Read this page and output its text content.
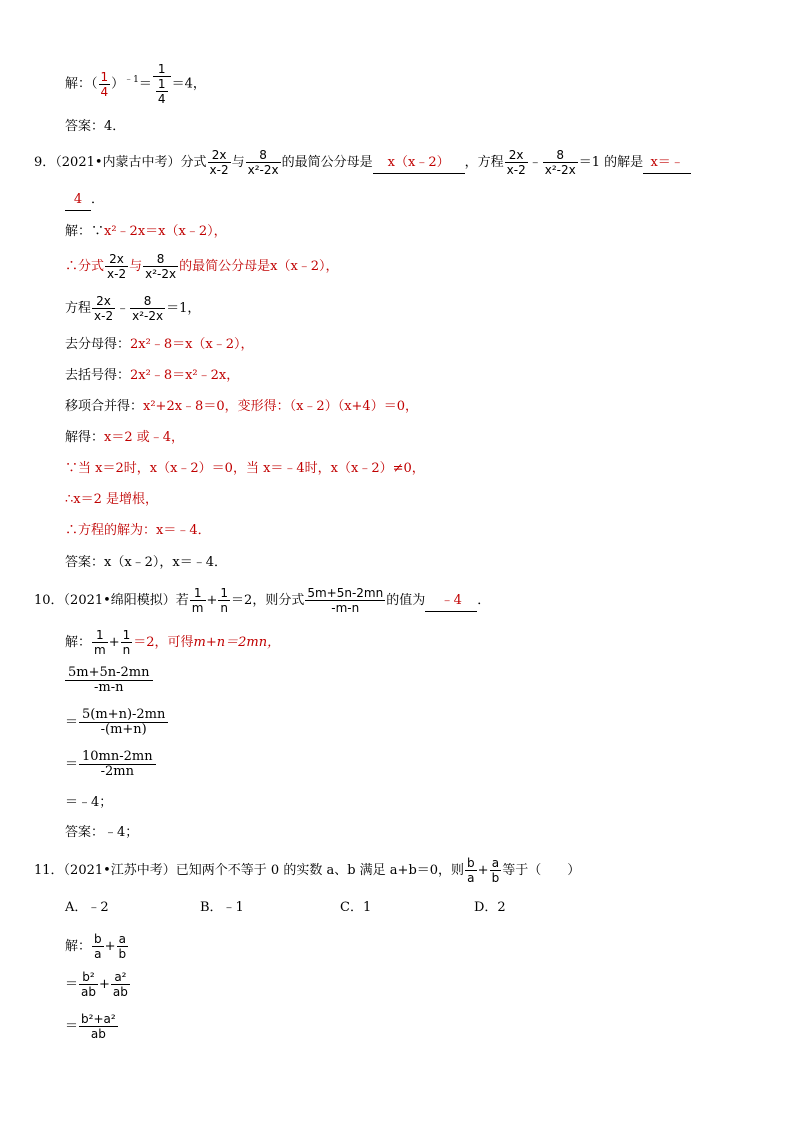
解：（ $\frac{1}{4} )^{﹣1}= \frac{1}{\frac{1}{4}} =4$，
答案：4．
9．（2021•内蒙古中考）分式 $\frac{2x}{x-2}$ 与 $\frac{8}{\text{x²-2x}}$ 的最简公分母是 x（x﹣2） ，方程 $\frac{2x}{x-2}$ ﹣ $\frac{8}{\text{x²-2x}} =1$ 的解是 x＝﹣
4 ．
解：∵x²﹣2x＝x（x﹣2），
∴分式 $\frac{2x}{x-2}$ 与 $\frac{8}{\text{x²-2x}}$ 的最简公分母是x（x﹣2），
方程 $\frac{2x}{x-2}$ ﹣ $\frac{8}{\text{x²-2x}} =1$，
去分母得：2x²﹣8＝x（x﹣2），
去括号得：2x²﹣8＝x²﹣2x，
移项合并得：x²+2x﹣8＝0，变形得：（x﹣2）（x+4）＝0，
解得：x＝2 或﹣4，
∵当 x＝2时，x（x﹣2）＝0，当 x＝﹣4时，x（x﹣2）≠0，
∴x＝2 是增根，
∴方程的解为：x＝﹣4．
答案：x（x﹣2），x＝﹣4．
10．（2021•绵阳模拟）若 $\frac{1}{m} + \frac{1}{n} =2$，则分式 $\frac{5m+5n-2mn}{-m-n}$ 的值为 ﹣4 ．
解： $\frac{1}{m} + \frac{1}{n} =2$，可得m+n＝2mn，
$\frac{5m+5n-2mn}{-m-n}$
＝ $\frac{5(m+n)-2mn}{-(m+n)}$
＝ $\frac{10mn-2mn}{-2mn}$
＝﹣4；
答案：﹣4；
11．（2021•江苏中考）已知两个不等于 0 的实数 a、b 满足 a+b＝0，则 $\frac{b}{a} + \frac{a}{b}$ 等于（　　）
A．﹣2	B．﹣1	C．1	D．2
解： $\frac{b}{a} + \frac{a}{b}$
＝ $\frac{\text{b²}}{ab} + \frac{\text{a²}}{ab}$
＝ $\frac{\text{b²+a²}}{ab}$
